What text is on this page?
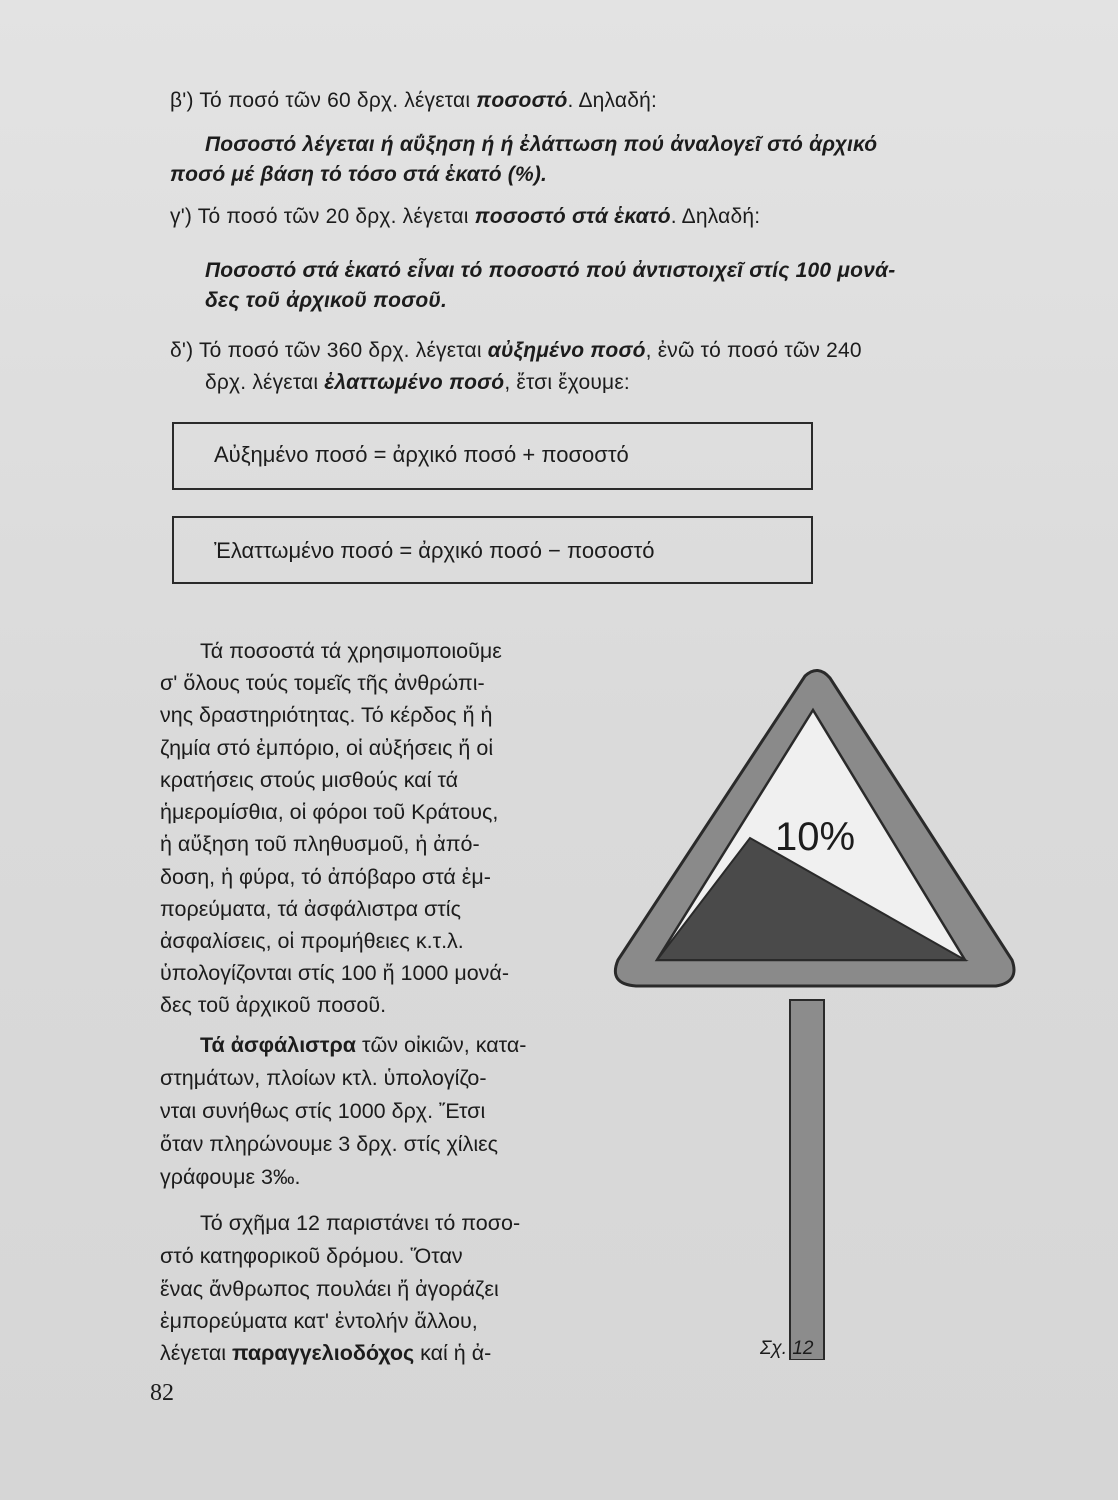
β') Τό ποσό τῶν 60 δρχ. λέγεται ποσοστό. Δηλαδή:
Ποσοστό λέγεται ή αΰξηση ή ή ἐλάττωση πού ἀναλογεῖ στό ἀρχικό
ποσό μέ βάση τό τόσο στά ἑκατό (%).
γ') Τό ποσό τῶν 20 δρχ. λέγεται ποσοστό στά ἑκατό. Δηλαδή:
Ποσοστό στά ἑκατό εἶναι τό ποσοστό πού ἀντιστοιχεῖ στίς 100 μονά-
δες τοῦ ἀρχικοῦ ποσοῦ.
δ') Τό ποσό τῶν 360 δρχ. λέγεται αὐξημένο ποσό, ἐνῶ τό ποσό τῶν 240
δρχ. λέγεται ἐλαττωμένο ποσό, ἔτσι ἔχουμε:
Αὐξημένο ποσό = ἀρχικό ποσό + ποσοστό
Ἐλαττωμένο ποσό = ἀρχικό ποσό − ποσοστό
Τά ποσοστά τά χρησιμοποιοῦμε
σ' ὅλους τούς τομεῖς τῆς ἀνθρώπι-
νης δραστηριότητας. Τό κέρδος ἤ ἡ
ζημία στό ἐμπόριο, οἱ αὐξήσεις ἤ οἱ
κρατήσεις στούς μισθούς καί τά
ἡμερομίσθια, οἱ φόροι τοῦ Κράτους,
ἡ αὔξηση τοῦ πληθυσμοῦ, ἡ ἀπό-
δοση, ἡ φύρα, τό ἀπόβαρο στά ἐμ-
πορεύματα, τά ἀσφάλιστρα στίς
ἀσφαλίσεις, οἱ προμήθειες κ.τ.λ.
ὑπολογίζονται στίς 100 ἤ 1000 μονά-
δες τοῦ ἀρχικοῦ ποσοῦ.
Τά ἀσφάλιστρα τῶν οἰκιῶν, κατα-
στημάτων, πλοίων κτλ. ὑπολογίζο-
νται συνήθως στίς 1000 δρχ. Ἔτσι
ὅταν πληρώνουμε 3 δρχ. στίς χίλιες
γράφουμε 3‰.
Τό σχῆμα 12 παριστάνει τό ποσο-
στό κατηφορικοῦ δρόμου. Ὅταν
ἕνας ἄνθρωπος πουλάει ἤ ἀγοράζει
ἐμπορεύματα κατ' ἐντολήν ἄλλου,
λέγεται παραγγελιοδόχος καί ἡ ἀ-
10%
Σχ. 12
82
